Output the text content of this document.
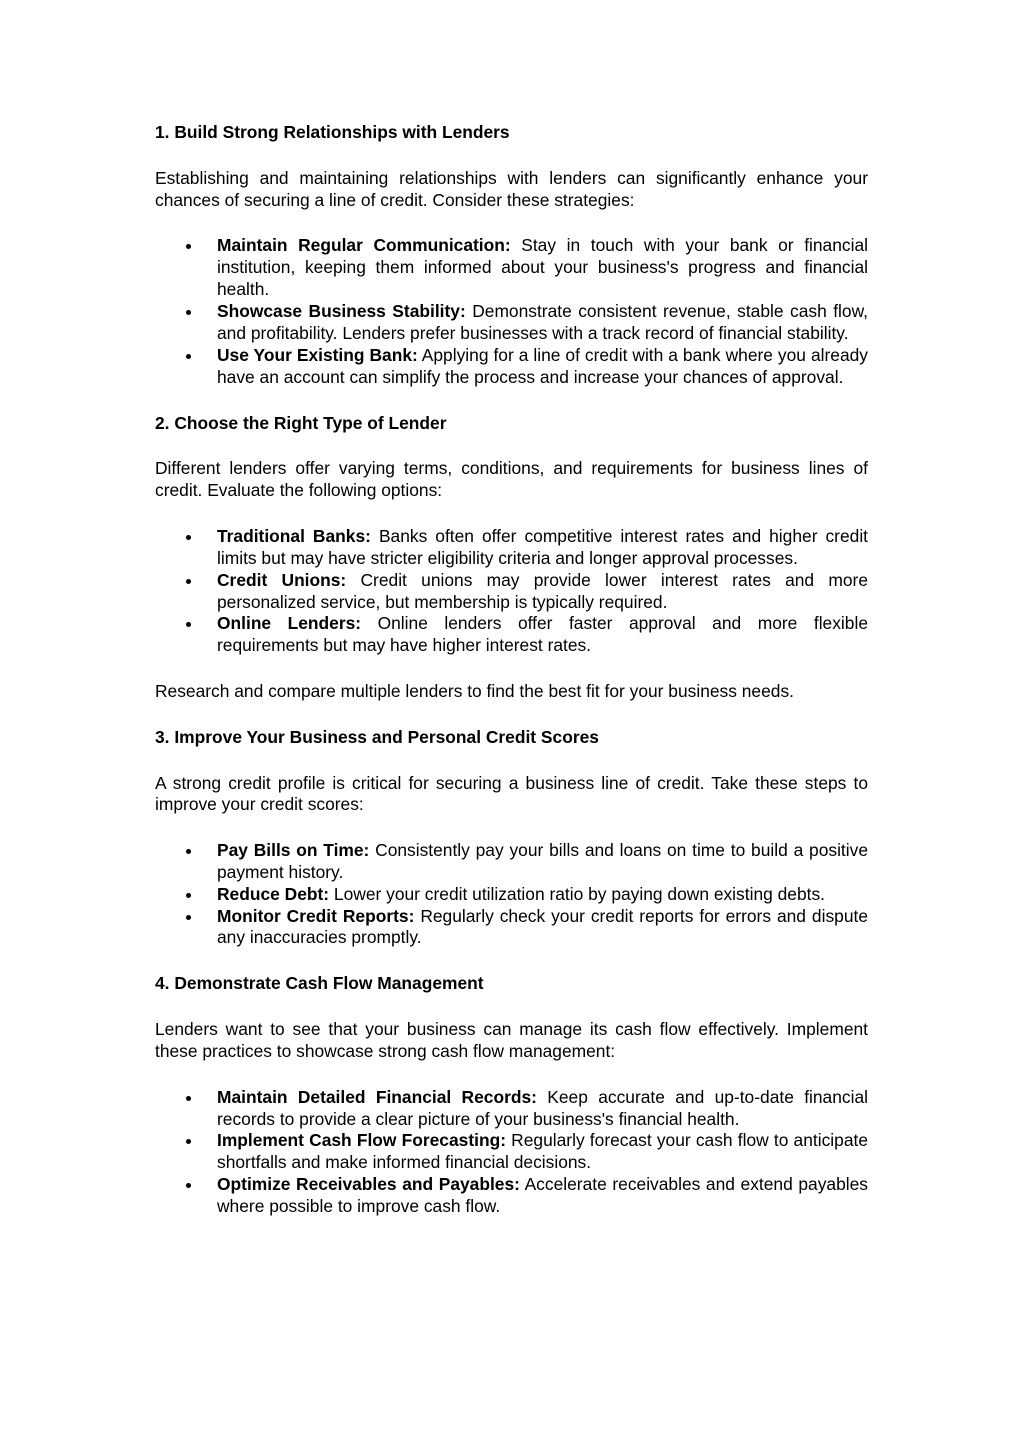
1. Build Strong Relationships with Lenders

Establishing and maintaining relationships with lenders can significantly enhance your chances of securing a line of credit. Consider these strategies:

Maintain Regular Communication: Stay in touch with your bank or financial institution, keeping them informed about your business's progress and financial health.
Showcase Business Stability: Demonstrate consistent revenue, stable cash flow, and profitability. Lenders prefer businesses with a track record of financial stability.
Use Your Existing Bank: Applying for a line of credit with a bank where you already have an account can simplify the process and increase your chances of approval.
2. Choose the Right Type of Lender

Different lenders offer varying terms, conditions, and requirements for business lines of credit. Evaluate the following options:

Traditional Banks: Banks often offer competitive interest rates and higher credit limits but may have stricter eligibility criteria and longer approval processes.
Credit Unions: Credit unions may provide lower interest rates and more personalized service, but membership is typically required.
Online Lenders: Online lenders offer faster approval and more flexible requirements but may have higher interest rates.

Research and compare multiple lenders to find the best fit for your business needs.

3. Improve Your Business and Personal Credit Scores

A strong credit profile is critical for securing a business line of credit. Take these steps to improve your credit scores:

Pay Bills on Time: Consistently pay your bills and loans on time to build a positive payment history.
Reduce Debt: Lower your credit utilization ratio by paying down existing debts.
Monitor Credit Reports: Regularly check your credit reports for errors and dispute any inaccuracies promptly.
4. Demonstrate Cash Flow Management

Lenders want to see that your business can manage its cash flow effectively. Implement these practices to showcase strong cash flow management:

Maintain Detailed Financial Records: Keep accurate and up-to-date financial records to provide a clear picture of your business's financial health.
Implement Cash Flow Forecasting: Regularly forecast your cash flow to anticipate shortfalls and make informed financial decisions.
Optimize Receivables and Payables: Accelerate receivables and extend payables where possible to improve cash flow.
